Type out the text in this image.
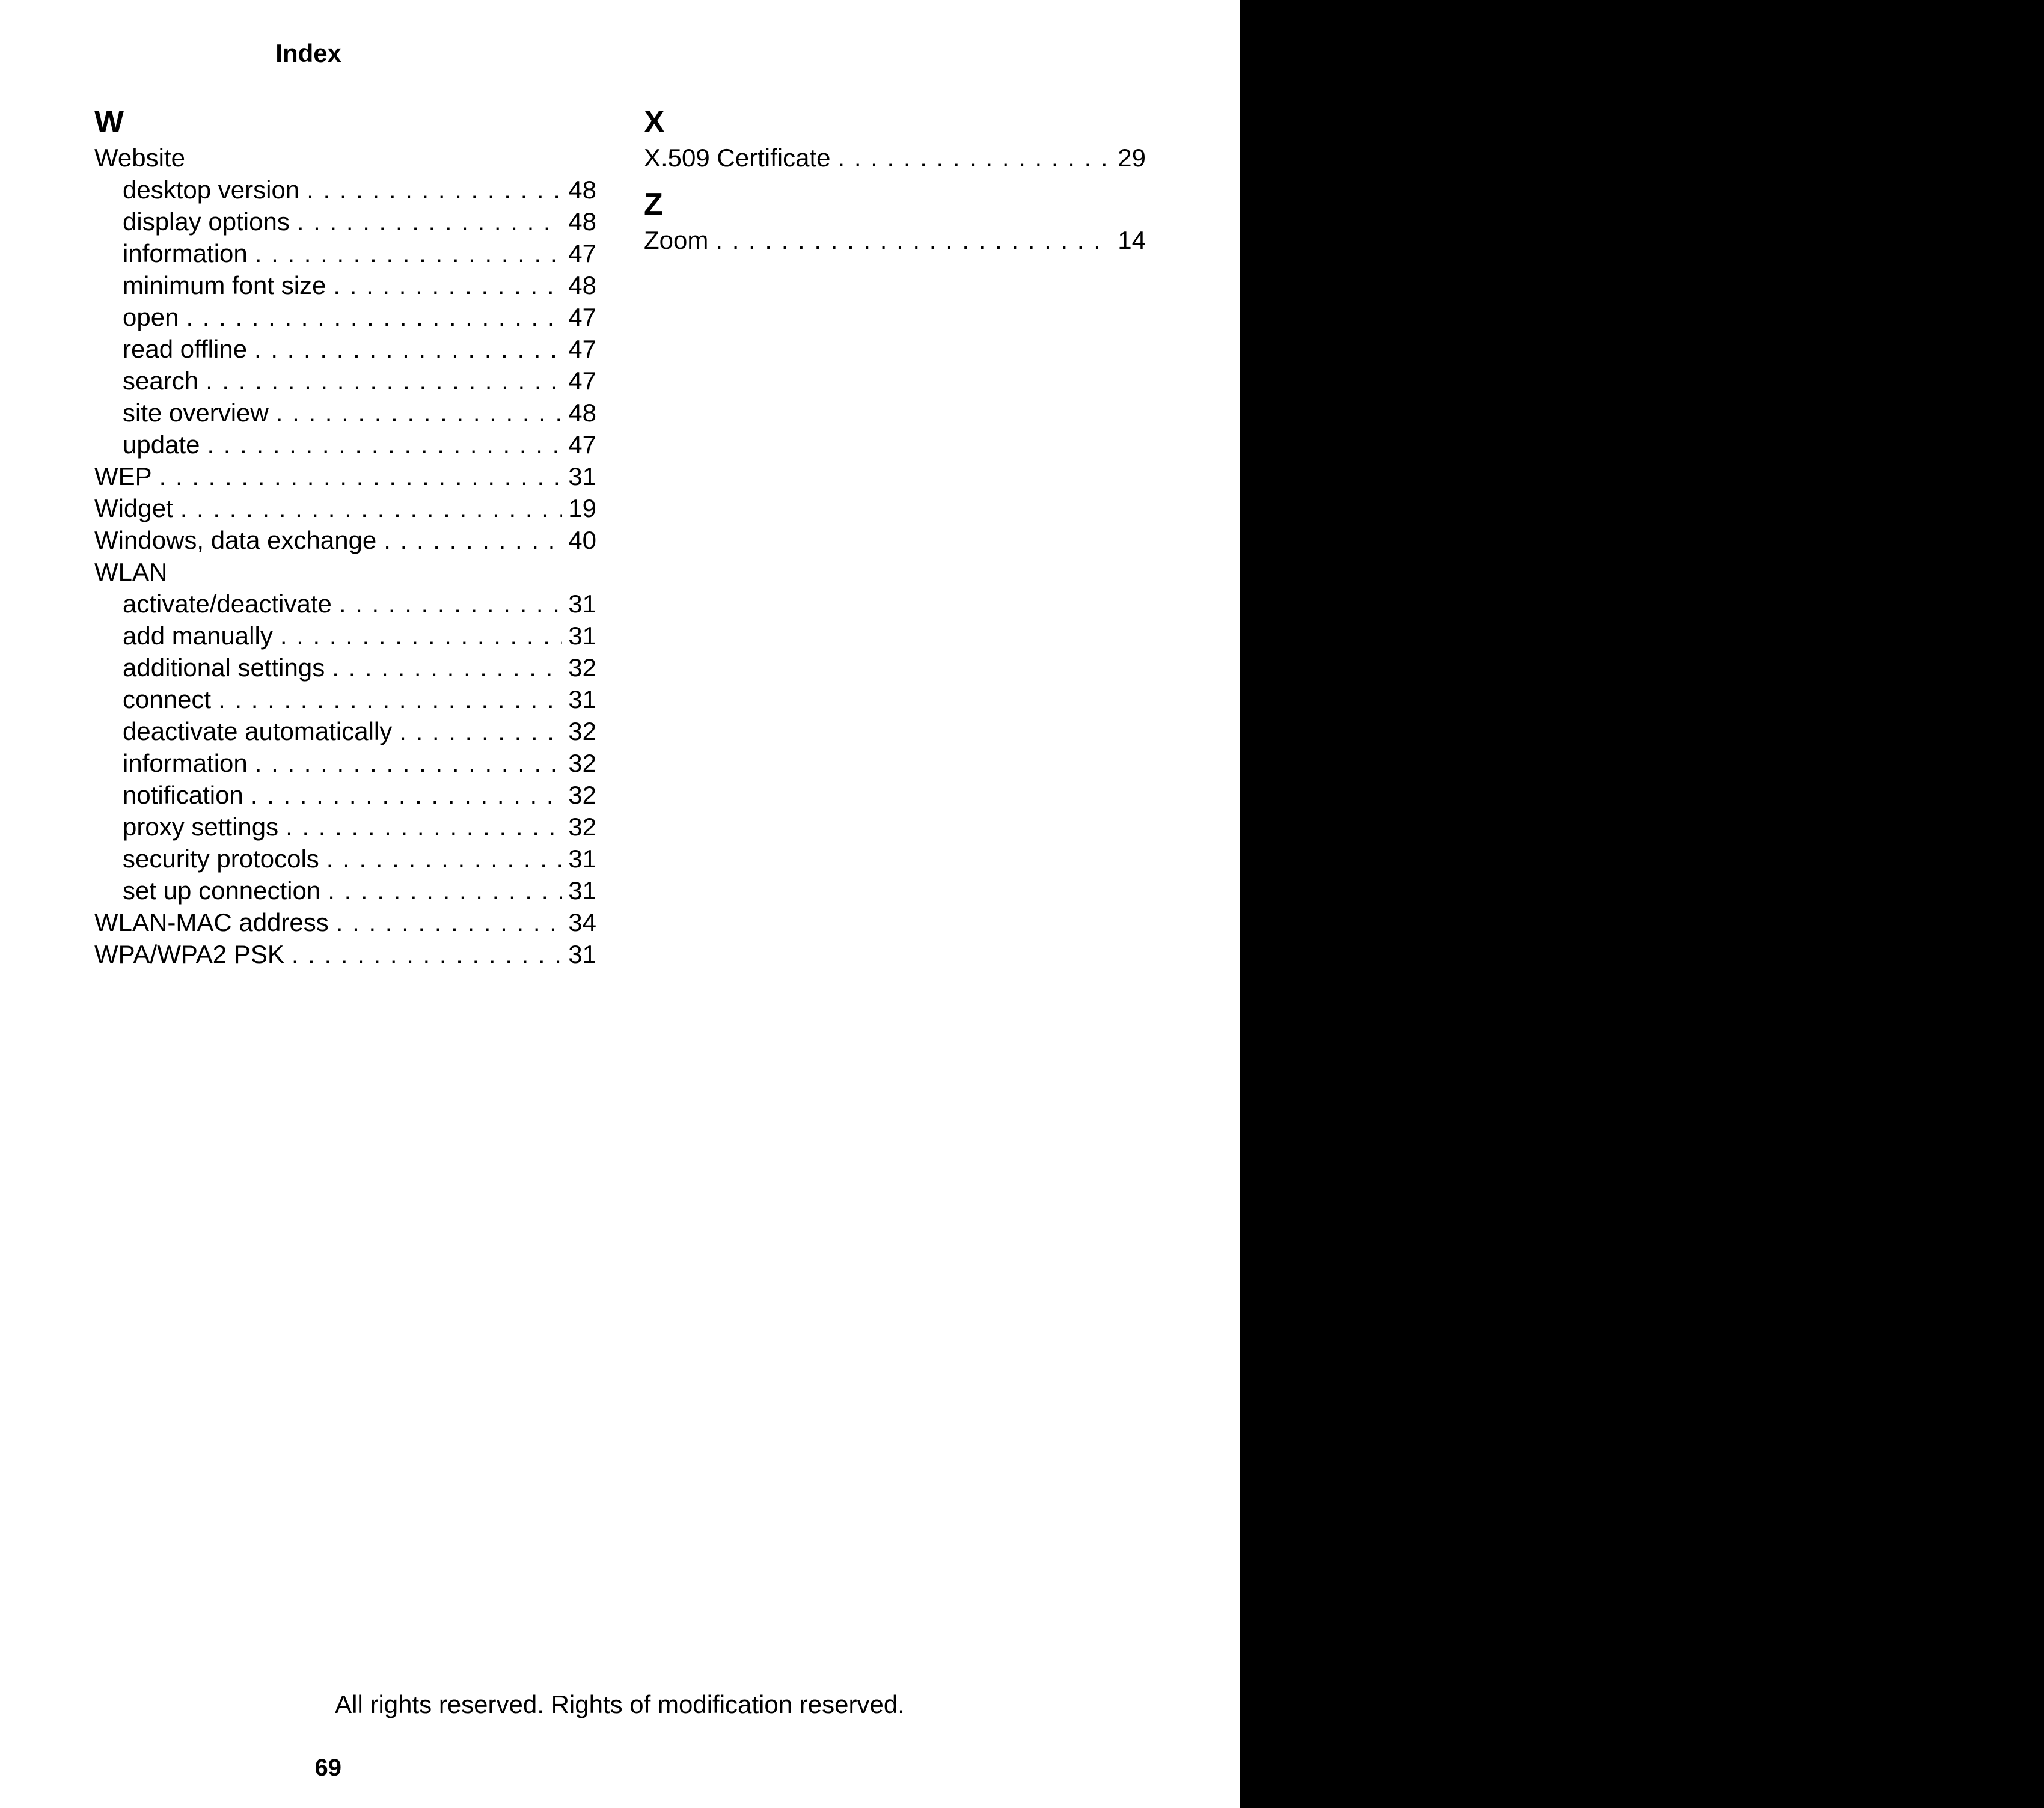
Index
W
Website
desktop version . . .	48
display options . . .	48
information . . .	47
minimum font size . . .	48
open . . .	47
read offline . . .	47
search . . .	47
site overview . . .	48
update . . .	47
WEP . . .	31
Widget . . .	19
Windows, data exchange . . .	40
WLAN
activate/deactivate . . .	31
add manually . . .	31
additional settings . . .	32
connect . . .	31
deactivate automatically . . .	32
information . . .	32
notification . . .	32
proxy settings . . .	32
security protocols . . .	31
set up connection . . .	31
WLAN-MAC address . . .	34
WPA/WPA2 PSK . . .	31
X
X.509 Certificate . . .	29
Z
Zoom . . .	14
All rights reserved. Rights of modification reserved.
69
